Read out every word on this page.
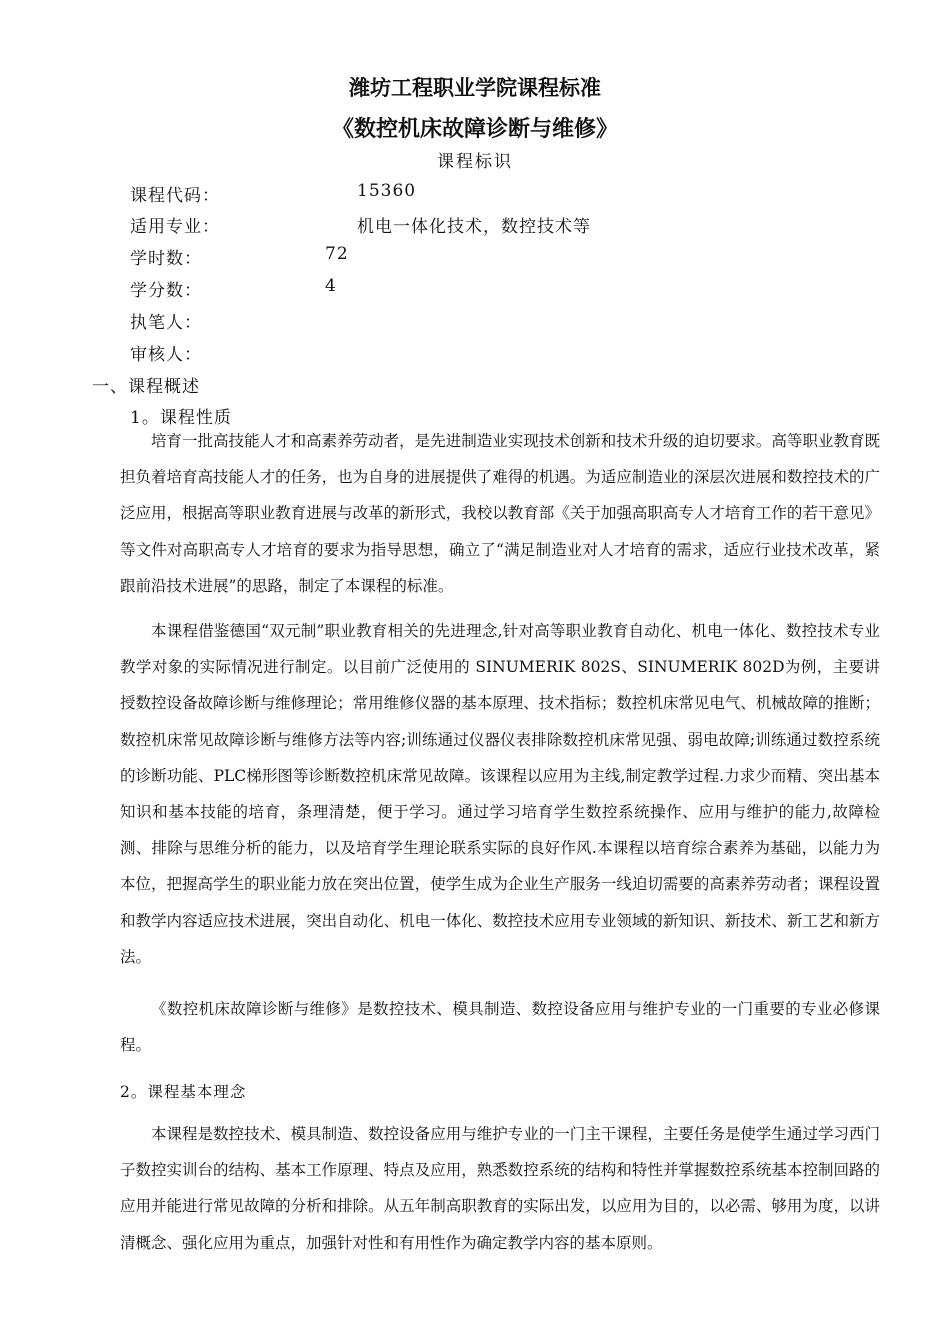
潍坊工程职业学院课程标准
《数控机床故障诊断与维修》
课程标识
课程代码：	15360
适用专业：	机电一体化技术，数控技术等
学时数：	72
学分数：	4
执笔人：
审核人：
一、课程概述
1。课程性质

培育一批高技能人才和高素养劳动者，是先进制造业实现技术创新和技术升级的迫切要求。高等职业教育既担负着培育高技能人才的任务，也为自身的进展提供了难得的机遇。为适应制造业的深层次进展和数控技术的广泛应用，根据高等职业教育进展与改革的新形式，我校以教育部《关于加强高职高专人才培育工作的若干意见》等文件对高职高专人才培育的要求为指导思想，确立了“满足制造业对人才培育的需求，适应行业技术改革，紧跟前沿技术进展”的思路，制定了本课程的标准。

本课程借鉴德国“双元制”职业教育相关的先进理念,针对高等职业教育自动化、机电一体化、数控技术专业教学对象的实际情况进行制定。以目前广泛使用的 SINUMERIK 802S、SINUMERIK 802D为例，主要讲授数控设备故障诊断与维修理论；常用维修仪器的基本原理、技术指标；数控机床常见电气、机械故障的推断；数控机床常见故障诊断与维修方法等内容;训练通过仪器仪表排除数控机床常见强、弱电故障;训练通过数控系统的诊断功能、PLC梯形图等诊断数控机床常见故障。该课程以应用为主线,制定教学过程.力求少而精、突出基本知识和基本技能的培育，条理清楚，便于学习。通过学习培育学生数控系统操作、应用与维护的能力,故障检测、排除与思维分析的能力，以及培育学生理论联系实际的良好作风.本课程以培育综合素养为基础，以能力为本位，把握高学生的职业能力放在突出位置，使学生成为企业生产服务一线迫切需要的高素养劳动者；课程设置和教学内容适应技术进展，突出自动化、机电一体化、数控技术应用专业领域的新知识、新技术、新工艺和新方法。

《数控机床故障诊断与维修》是数控技术、模具制造、数控设备应用与维护专业的一门重要的专业必修课程。

2。课程基本理念

本课程是数控技术、模具制造、数控设备应用与维护专业的一门主干课程，主要任务是使学生通过学习西门子数控实训台的结构、基本工作原理、特点及应用，熟悉数控系统的结构和特性并掌握数控系统基本控制回路的应用并能进行常见故障的分析和排除。从五年制高职教育的实际出发，以应用为目的，以必需、够用为度，以讲清概念、强化应用为重点，加强针对性和有用性作为确定教学内容的基本原则。
